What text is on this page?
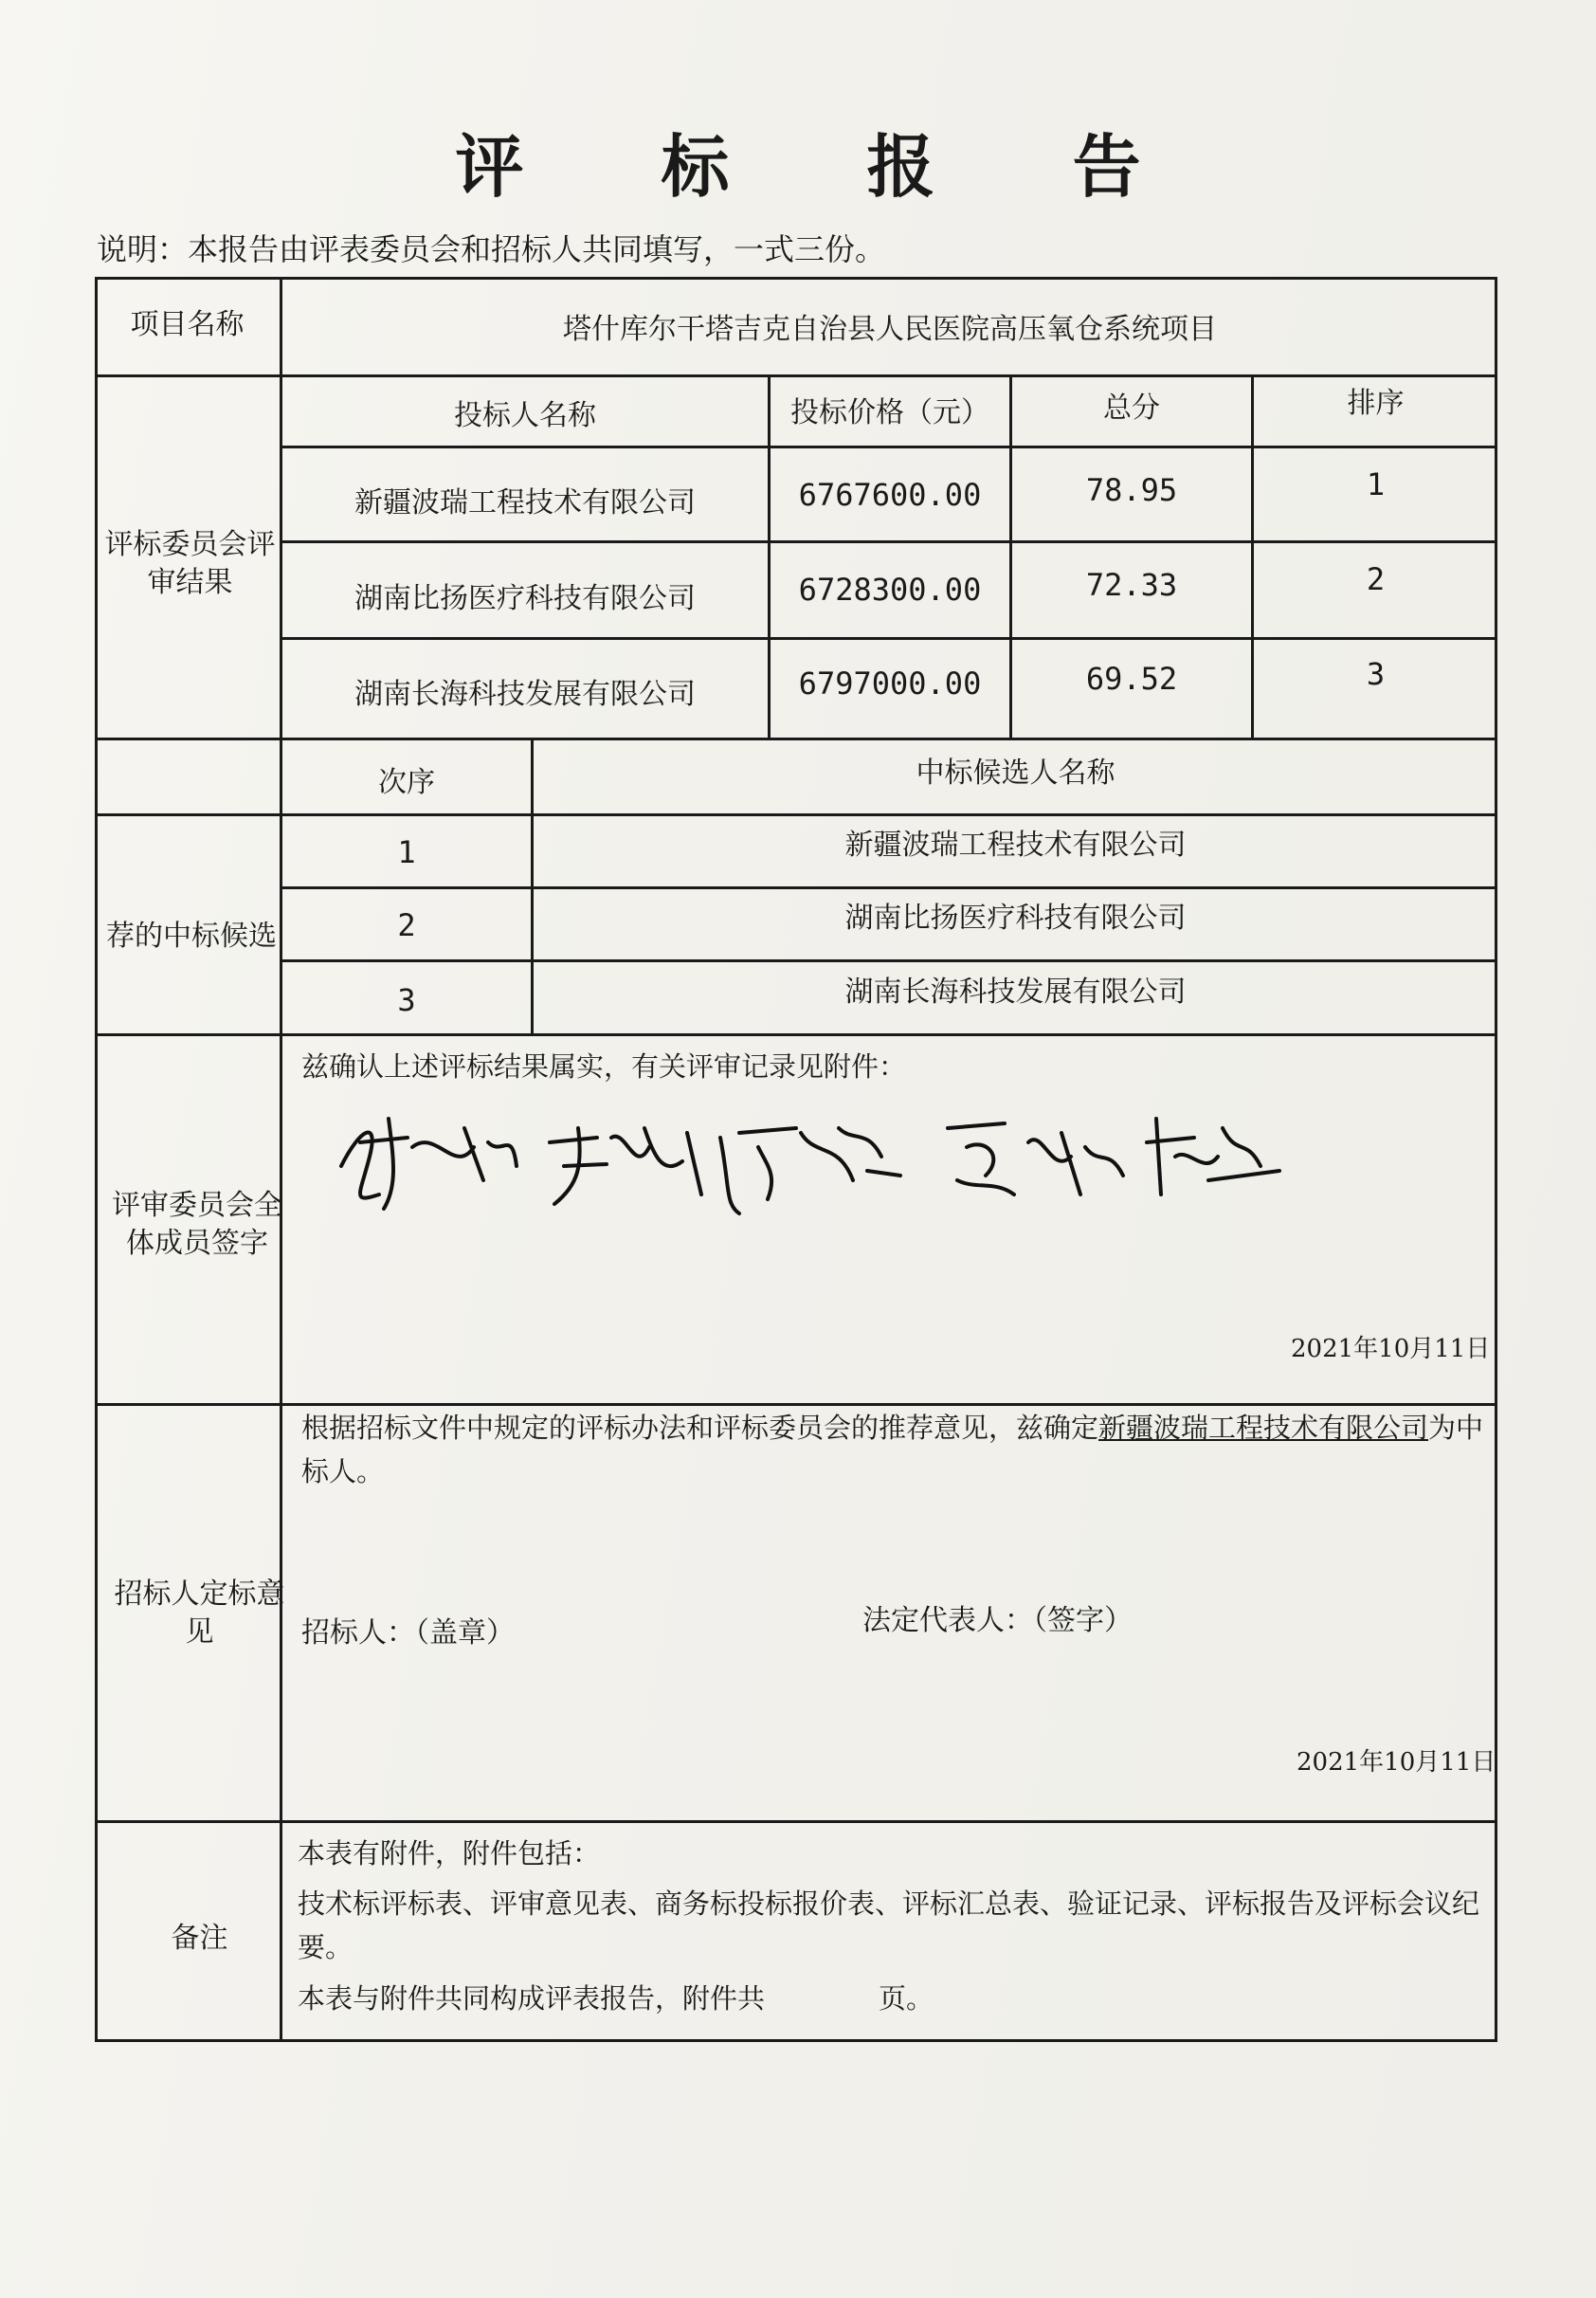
评 标 报 告
说明：本报告由评表委员会和招标人共同填写，一式三份。
项目名称	塔什库尔干塔吉克自治县人民医院高压氧仓系统项目
评标委员会评审结果
投标人名称	投标价格（元）	总分	排序
新疆波瑞工程技术有限公司	6767600.00	78.95	1
湖南比扬医疗科技有限公司	6728300.00	72.33	2
湖南长海科技发展有限公司	6797000.00	69.52	3
荐的中标候选
次序	中标候选人名称
1	新疆波瑞工程技术有限公司
2	湖南比扬医疗科技有限公司
3	湖南长海科技发展有限公司
评审委员会全体成员签字
兹确认上述评标结果属实，有关评审记录见附件：
2021年10月11日
招标人定标意见
根据招标文件中规定的评标办法和评标委员会的推荐意见，兹确定新疆波瑞工程技术有限公司为中标人。
招标人：（盖章）	法定代表人：（签字）
2021年10月11日
备注
本表有附件，附件包括：
技术标评标表、评审意见表、商务标投标报价表、评标汇总表、验证记录、评标报告及评标会议纪要。
本表与附件共同构成评表报告，附件共	页。
